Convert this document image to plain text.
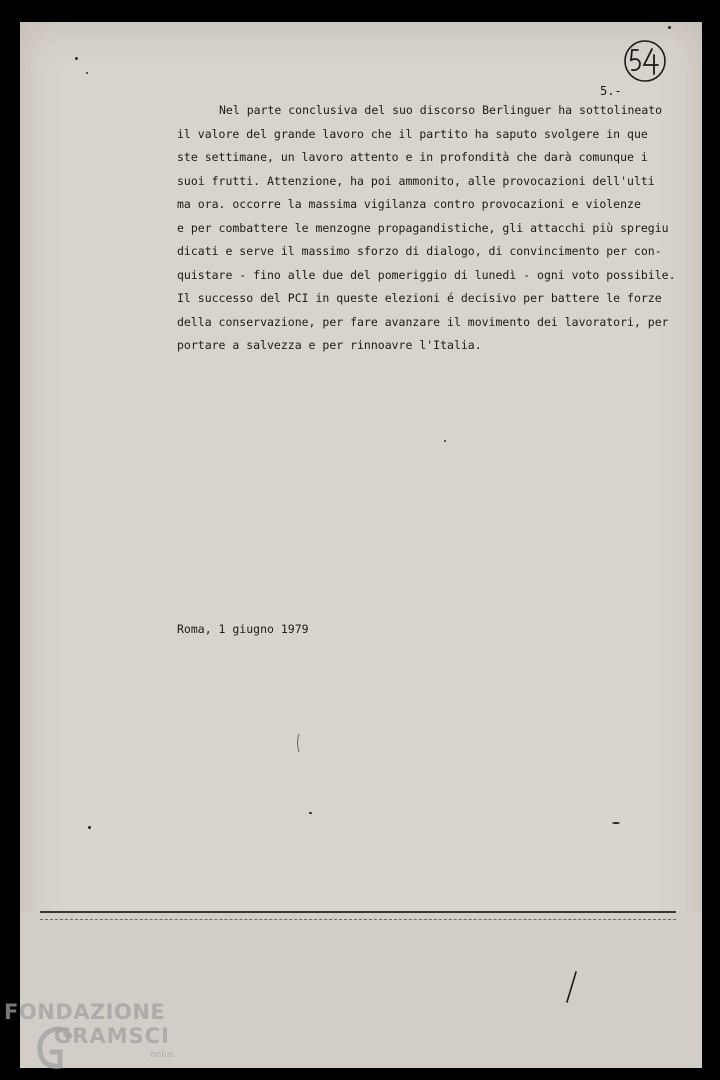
5.-
Nel parte conclusiva del suo discorso Berlinguer ha sottolineato
il valore del grande lavoro che il partito ha saputo svolgere in que
ste settimane, un lavoro attento e in profondità che darà comunque i
suoi frutti. Attenzione, ha poi ammonito, alle provocazioni dell'ulti
ma ora. occorre la massima vigilanza contro provocazioni e violenze
e per combattere le menzogne propagandistiche, gli attacchi più spregiu
dicati e serve il massimo sforzo di dialogo, di convincimento per con-
quistare - fino alle due del pomeriggio di lunedì - ogni voto possibile.
Il successo del PCI in queste elezioni é decisivo per battere le forze
della conservazione, per fare avanzare il movimento dei lavoratori, per
portare a salvezza e per rinnoavre l'Italia.
Roma, 1 giugno 1979
FONDAZIONE
GRAMSCI
onlus
